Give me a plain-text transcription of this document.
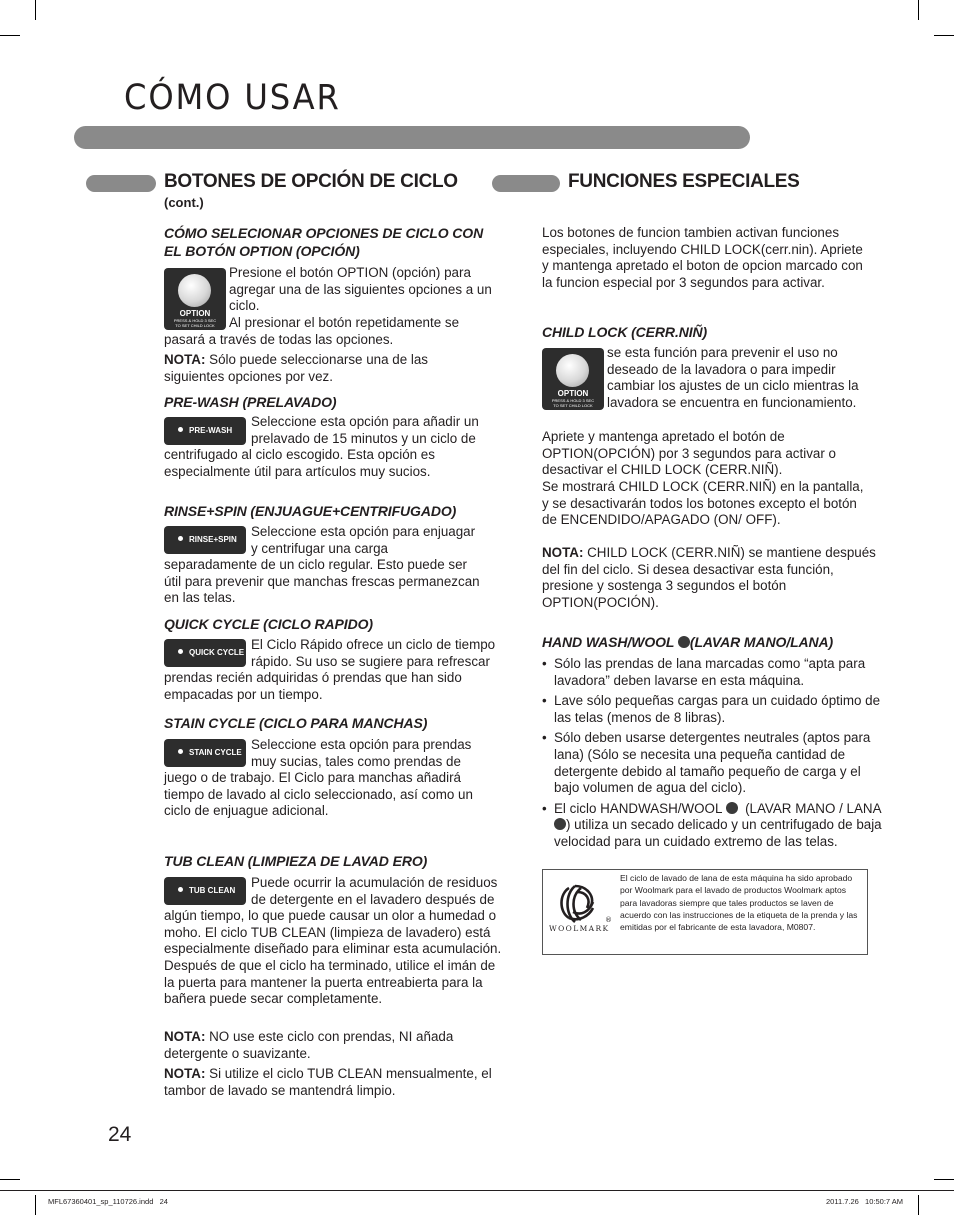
CÓMO USAR
BOTONES DE OPCIÓN DE CICLO
(cont.)

CÓMO SELECIONAR OPCIONES DE CICLO CON EL BOTÓN OPTION (OPCIÓN)

OPTION
PRESS & HOLD 3 SEC
TO SET CHILD LOCK

Presione el botón OPTION (opción) para agregar una de las siguientes opciones a un ciclo.

Al presionar el botón repetidamente se

pasará a través de todas las opciones.

NOTA: Sólo puede seleccionarse una de las siguientes opciones por vez.

PRE-WASH (PRELAVADO)

PRE-WASH
Seleccione esta opción para añadir un prelavado de 15 minutos y un ciclo de centrifugado al ciclo escogido. Esta opción es especialmente útil para artículos muy sucios.

RINSE+SPIN (ENJUAGUE+CENTRIFUGADO)

RINSE+SPIN
Seleccione esta opción para enjuagar y centrifugar una carga separadamente de un ciclo regular. Esto puede ser útil para prevenir que manchas frescas permanezcan en las telas.

QUICK CYCLE (CICLO RAPIDO)

QUICK CYCLE
El Ciclo Rápido ofrece un ciclo de tiempo rápido. Su uso se sugiere para refrescar prendas recién adquiridas ó prendas que han sido empacadas por un tiempo.

STAIN CYCLE (CICLO PARA MANCHAS)

STAIN CYCLE
Seleccione esta opción para prendas muy sucias, tales como prendas de juego o de trabajo. El Ciclo para manchas añadirá tiempo de lavado al ciclo seleccionado, así como un ciclo de enjuague adicional.

TUB CLEAN (LIMPIEZA DE LAVAD ERO)

TUB CLEAN
Puede ocurrir la acumulación de residuos de detergente en el lavadero después de algún tiempo, lo que puede causar un olor a humedad o moho. El ciclo TUB CLEAN (limpieza de lavadero) está especialmente diseñado para eliminar esta acumulación. Después de que el ciclo ha terminado, utilice el imán de la puerta para mantener la puerta entreabierta para la bañera puede secar completamente.

NOTA: NO use este ciclo con prendas, NI añada detergente o suavizante.

NOTA: Si utilize el ciclo TUB CLEAN mensualmente, el tambor de lavado se mantendrá limpio.

FUNCIONES ESPECIALES

Los botones de funcion tambien activan funciones especiales, incluyendo CHILD LOCK(cerr.nin). Apriete y mantenga apretado el boton de opcion marcado con la funcion especial por 3 segundos para activar.

CHILD LOCK (CERR.NIÑ)

OPTION
PRESS & HOLD 3 SEC
TO SET CHILD LOCK

se esta función para prevenir el uso no deseado de la lavadora o para impedir cambiar los ajustes de un ciclo mientras la lavadora se encuentra en funcionamiento.

Apriete y mantenga apretado el botón de OPTION(OPCIÓN) por 3 segundos para activar o desactivar el CHILD LOCK (CERR.NIÑ).

Se mostrará CHILD LOCK (CERR.NIÑ) en la pantalla, y se desactivarán todos los botones excepto el botón de ENCENDIDO/APAGADO (ON/ OFF).

NOTA: CHILD LOCK (CERR.NIÑ) se mantiene después del fin del ciclo. Si desea desactivar esta función, presione y sostenga 3 segundos el botón OPTION(POCIÓN).

HAND WASH/WOOL (LAVAR MANO/LANA)

• Sólo las prendas de lana marcadas como “apta para lavadora” deben lavarse en esta máquina.
• Lave sólo pequeñas cargas para un cuidado óptimo de las telas (menos de 8 libras).
• Sólo deben usarse detergentes neutrales (aptos para lana) (Sólo se necesita una pequeña cantidad de detergente debido al tamaño pequeño de carga y el bajo volumen de agua del ciclo).
• El ciclo HANDWASH/WOOL (LAVAR MANO / LANA ) utiliza un secado delicado y un centrifugado de baja velocidad para un cuidado extremo de las telas.
®
WOOLMARK

El ciclo de lavado de lana de esta máquina ha sido aprobado por Woolmark para el lavado de productos Woolmark aptos para lavadoras siempre que tales productos se laven de acuerdo con las instrucciones de la etiqueta de la prenda y las emitidas por el fabricante de esta lavadora, M0807.

24
MFL67360401_sp_110726.indd   24	2011.7.26   10:50:7 AM
